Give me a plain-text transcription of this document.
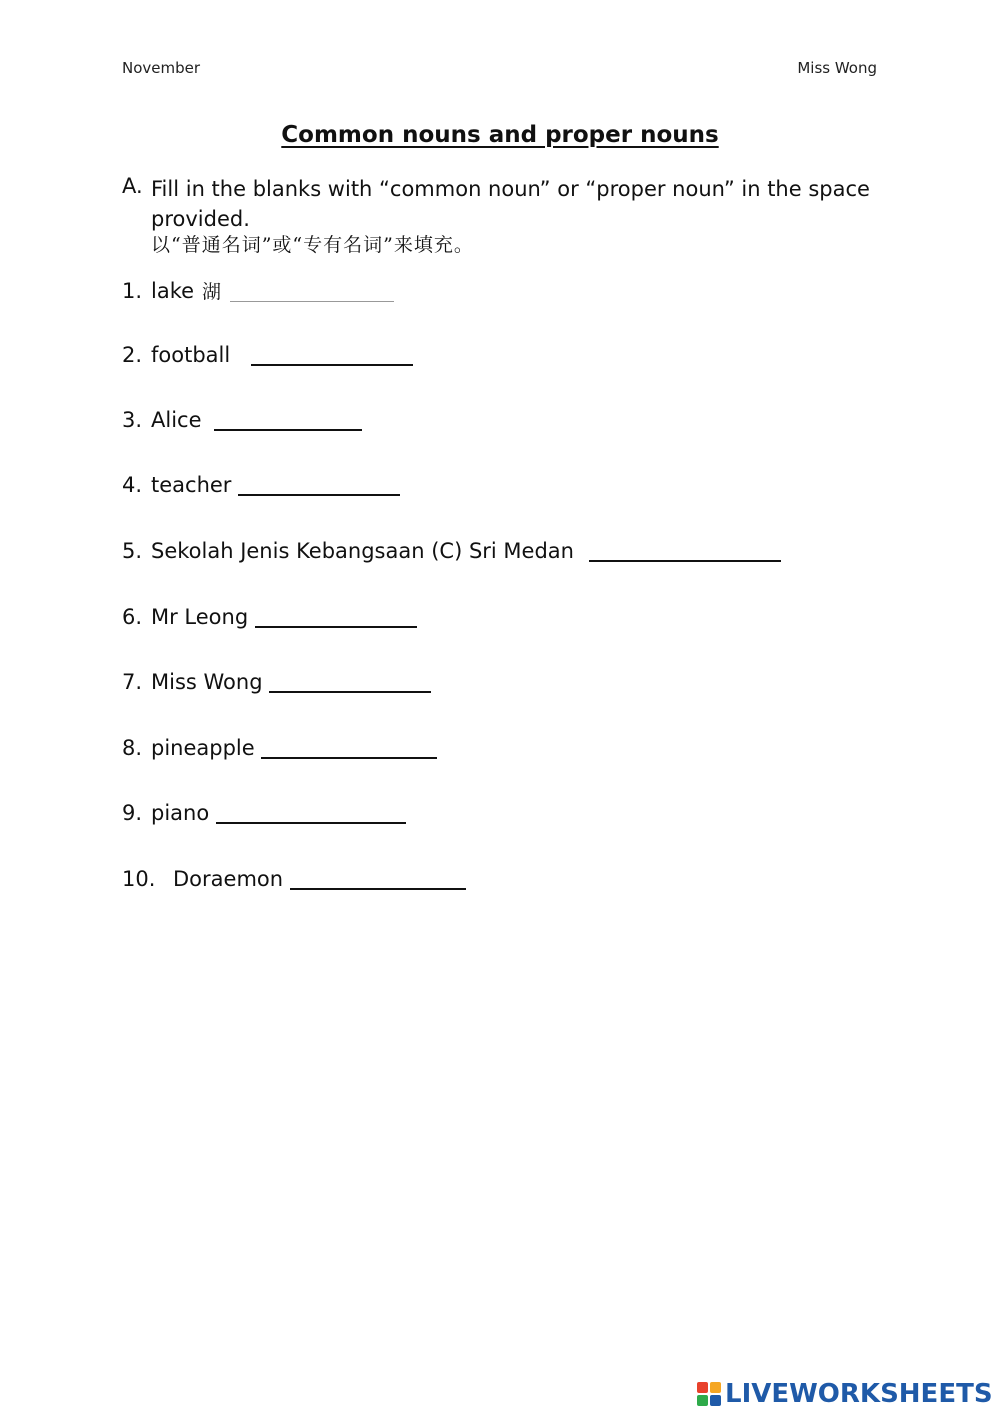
November	Miss Wong
Common nouns and proper nouns
A. Fill in the blanks with “common noun” or “proper noun” in the space provided.
以“普通名词”或“专有名词”来填充。
1. lake 湖
2. football
3. Alice
4. teacher
5. Sekolah Jenis Kebangsaan (C) Sri Medan
6. Mr Leong
7. Miss Wong
8. pineapple
9. piano
10. Doraemon
LIVEWORKSHEETS
